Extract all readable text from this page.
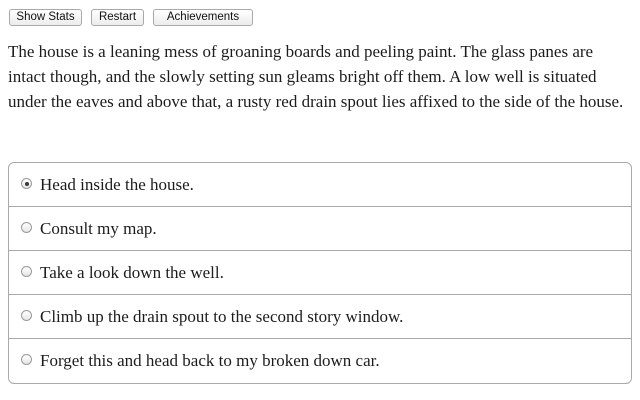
Show Stats	Restart	Achievements

The house is a leaning mess of groaning boards and peeling paint. The glass panes are intact though, and the slowly setting sun gleams bright off them. A low well is situated under the eaves and above that, a rusty red drain spout lies affixed to the side of the house.

Head inside the house.
Consult my map.
Take a look down the well.
Climb up the drain spout to the second story window.
Forget this and head back to my broken down car.
